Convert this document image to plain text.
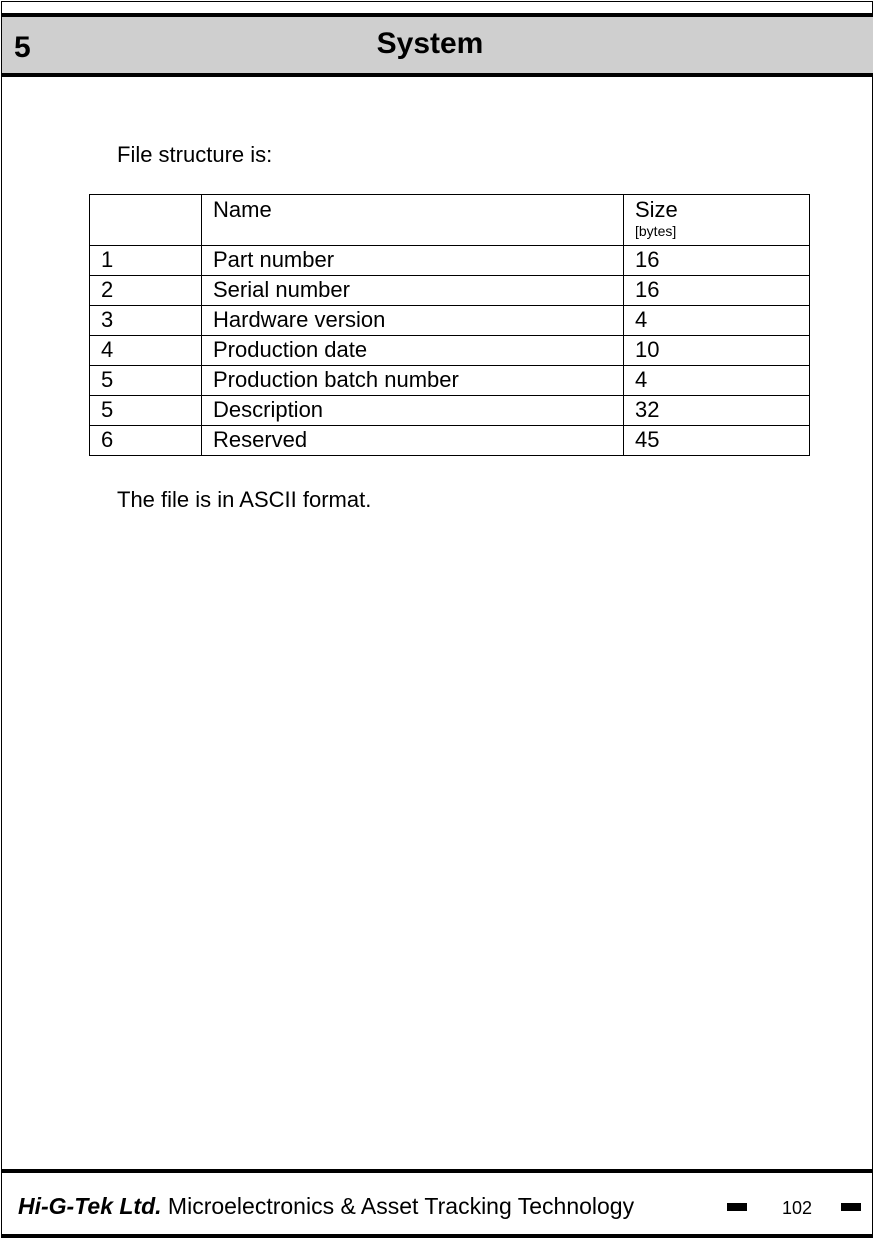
5	System
File structure is:
	Name	Size
[bytes]

1	Part number	16
2	Serial number	16
3	Hardware version	4
4	Production date	10
5	Production batch number	4
5	Description	32
6	Reserved	45
The file is in ASCII format.
Hi-G-Tek Ltd. Microelectronics & Asset Tracking Technology	102
